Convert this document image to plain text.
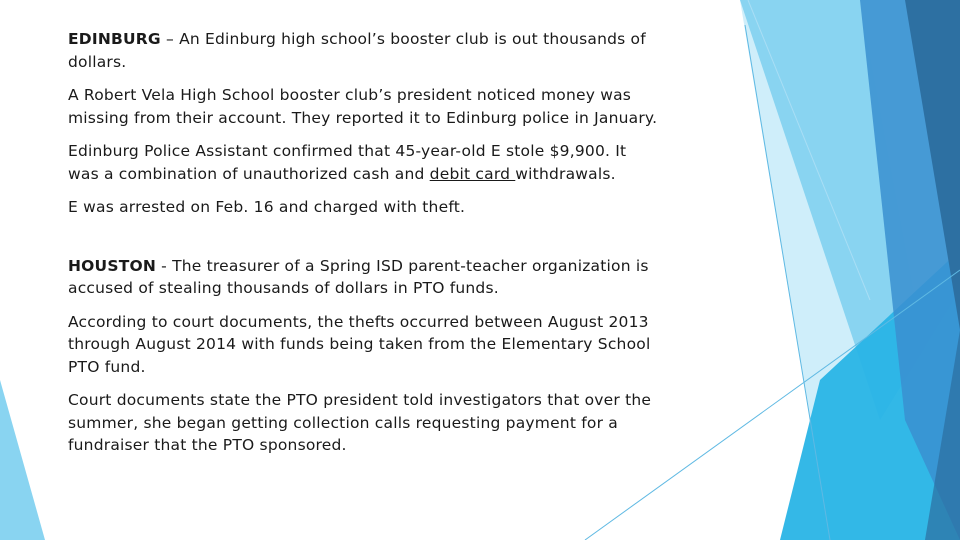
EDINBURG – An Edinburg high school’s booster club is out thousands of dollars.

A Robert Vela High School booster club’s president noticed money was missing from their account. They reported it to Edinburg police in January.

Edinburg Police Assistant confirmed that 45-year-old E stole $9,900. It was a combination of unauthorized cash and debit card withdrawals.

E was arrested on Feb. 16 and charged with theft.

HOUSTON - The treasurer of a Spring ISD parent-teacher organization is accused of stealing thousands of dollars in PTO funds.

According to court documents, the thefts occurred between August 2013 through August 2014 with funds being taken from the Elementary School PTO fund.

Court documents state the PTO president told investigators that over the summer, she began getting collection calls requesting payment for a fundraiser that the PTO sponsored.
